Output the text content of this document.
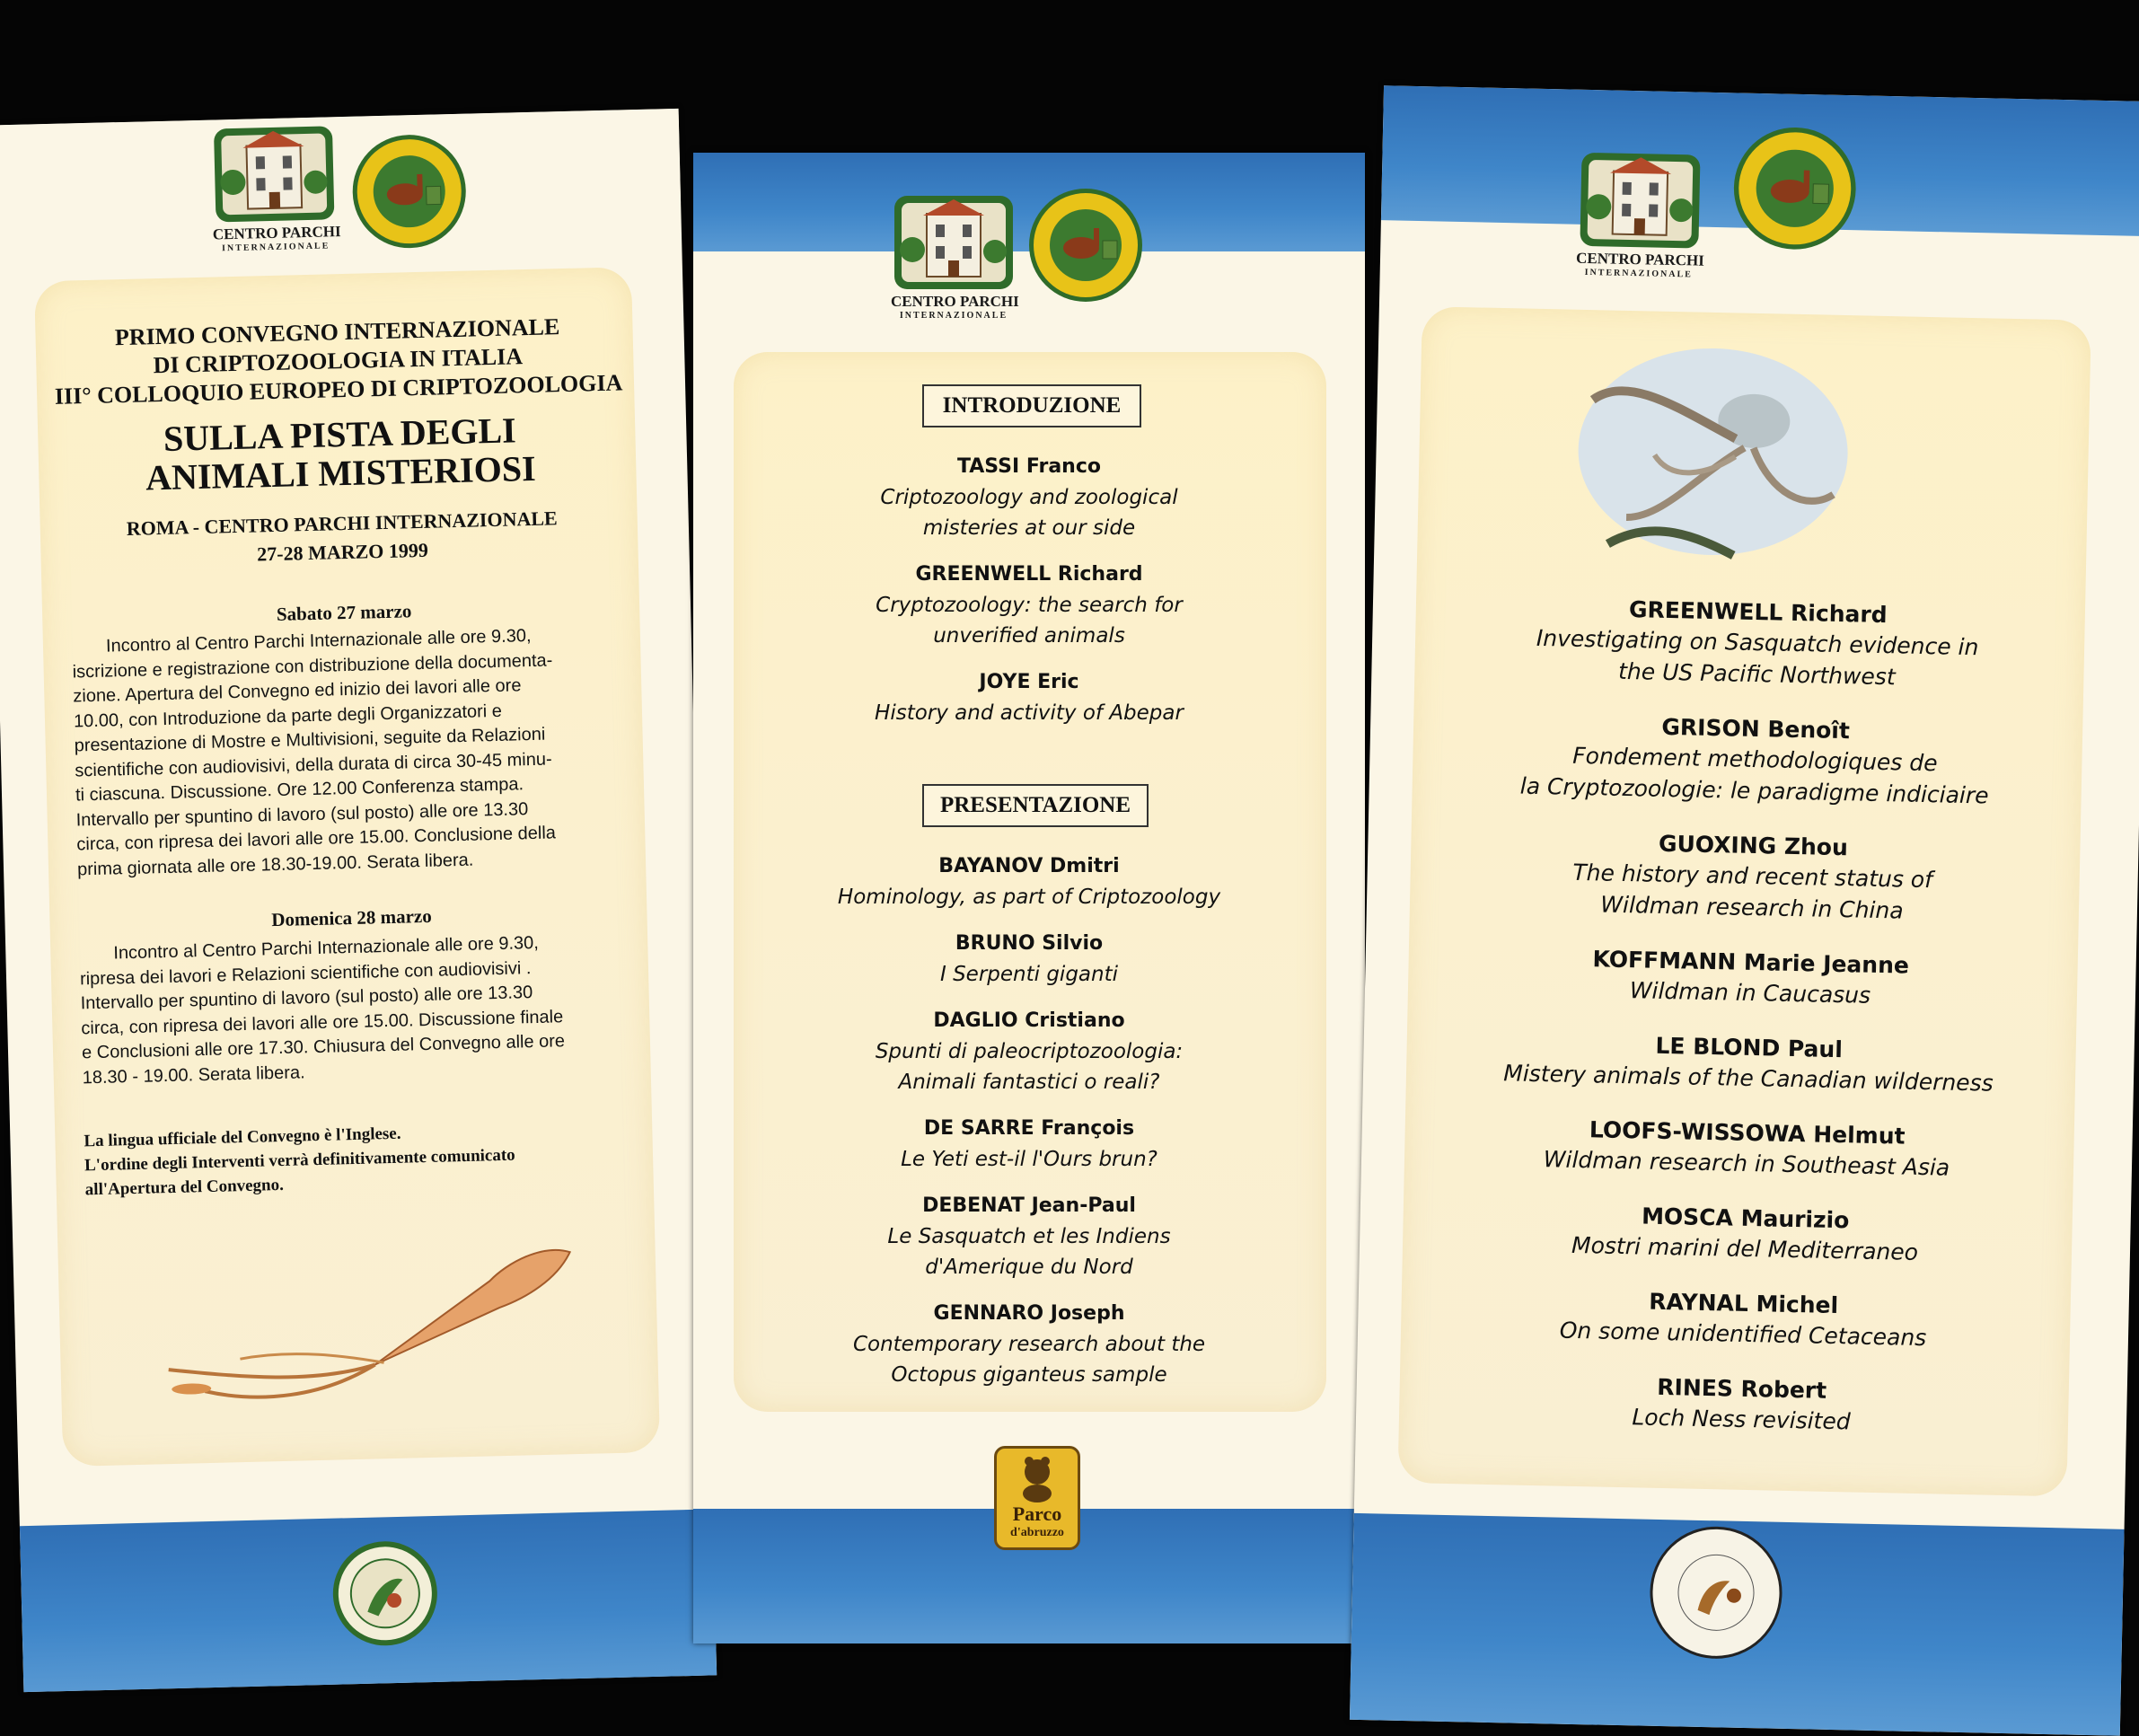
CENTRO PARCHI
INTERNAZIONALE
PRIMO CONVEGNO INTERNAZIONALE
DI CRIPTOZOOLOGIA IN ITALIA
III° COLLOQUIO EUROPEO DI CRIPTOZOOLOGIA
SULLA PISTA DEGLI
ANIMALI MISTERIOSI
ROMA - CENTRO PARCHI INTERNAZIONALE
27-28 MARZO 1999
Sabato 27 marzo
Incontro al Centro Parchi Internazionale alle ore 9.30,
iscrizione e registrazione con distribuzione della documenta-
zione. Apertura del Convegno ed inizio dei lavori alle ore
10.00, con Introduzione da parte degli Organizzatori e
presentazione di Mostre e Multivisioni, seguite da Relazioni
scientifiche con audiovisivi, della durata di circa 30-45 minu-
ti ciascuna. Discussione. Ore 12.00 Conferenza stampa.
Intervallo per spuntino di lavoro (sul posto) alle ore 13.30
circa, con ripresa dei lavori alle ore 15.00. Conclusione della
prima giornata alle ore 18.30-19.00. Serata libera.
Domenica 28 marzo
Incontro al Centro Parchi Internazionale alle ore 9.30,
ripresa dei lavori e Relazioni scientifiche con audiovisivi .
Intervallo per spuntino di lavoro (sul posto) alle ore 13.30
circa, con ripresa dei lavori alle ore 15.00. Discussione finale
e Conclusioni alle ore 17.30. Chiusura del Convegno alle ore
18.30 - 19.00. Serata libera.
La lingua ufficiale del Convegno è l'Inglese.
L'ordine degli Interventi verrà definitivamente comunicato
all'Apertura del Convegno.
CENTRO PARCHI
INTERNAZIONALE
INTRODUZIONE
TASSI Franco
Criptozoology and zoological
misteries at our side
GREENWELL Richard
Cryptozoology: the search for
unverified animals
JOYE Eric
History and activity of Abepar
PRESENTAZIONE
BAYANOV Dmitri
Hominology, as part of Criptozoology
BRUNO Silvio
I Serpenti giganti
DAGLIO Cristiano
Spunti di paleocriptozoologia:
Animali fantastici o reali?
DE SARRE François
Le Yeti est-il l'Ours brun?
DEBENAT Jean-Paul
Le Sasquatch et les Indiens
d'Amerique du Nord
GENNARO Joseph
Contemporary research about the
Octopus giganteus sample
Parco
d'abruzzo
CENTRO PARCHI
INTERNAZIONALE
GREENWELL Richard
Investigating on Sasquatch evidence in
the US Pacific Northwest
GRISON Benoît
Fondement methodologiques de
la Cryptozoologie: le paradigme indiciaire
GUOXING Zhou
The history and recent status of
Wildman research in China
KOFFMANN Marie Jeanne
Wildman in Caucasus
LE BLOND Paul
Mistery animals of the Canadian wilderness
LOOFS-WISSOWA Helmut
Wildman research in Southeast Asia
MOSCA Maurizio
Mostri marini del Mediterraneo
RAYNAL Michel
On some unidentified Cetaceans
RINES Robert
Loch Ness revisited
